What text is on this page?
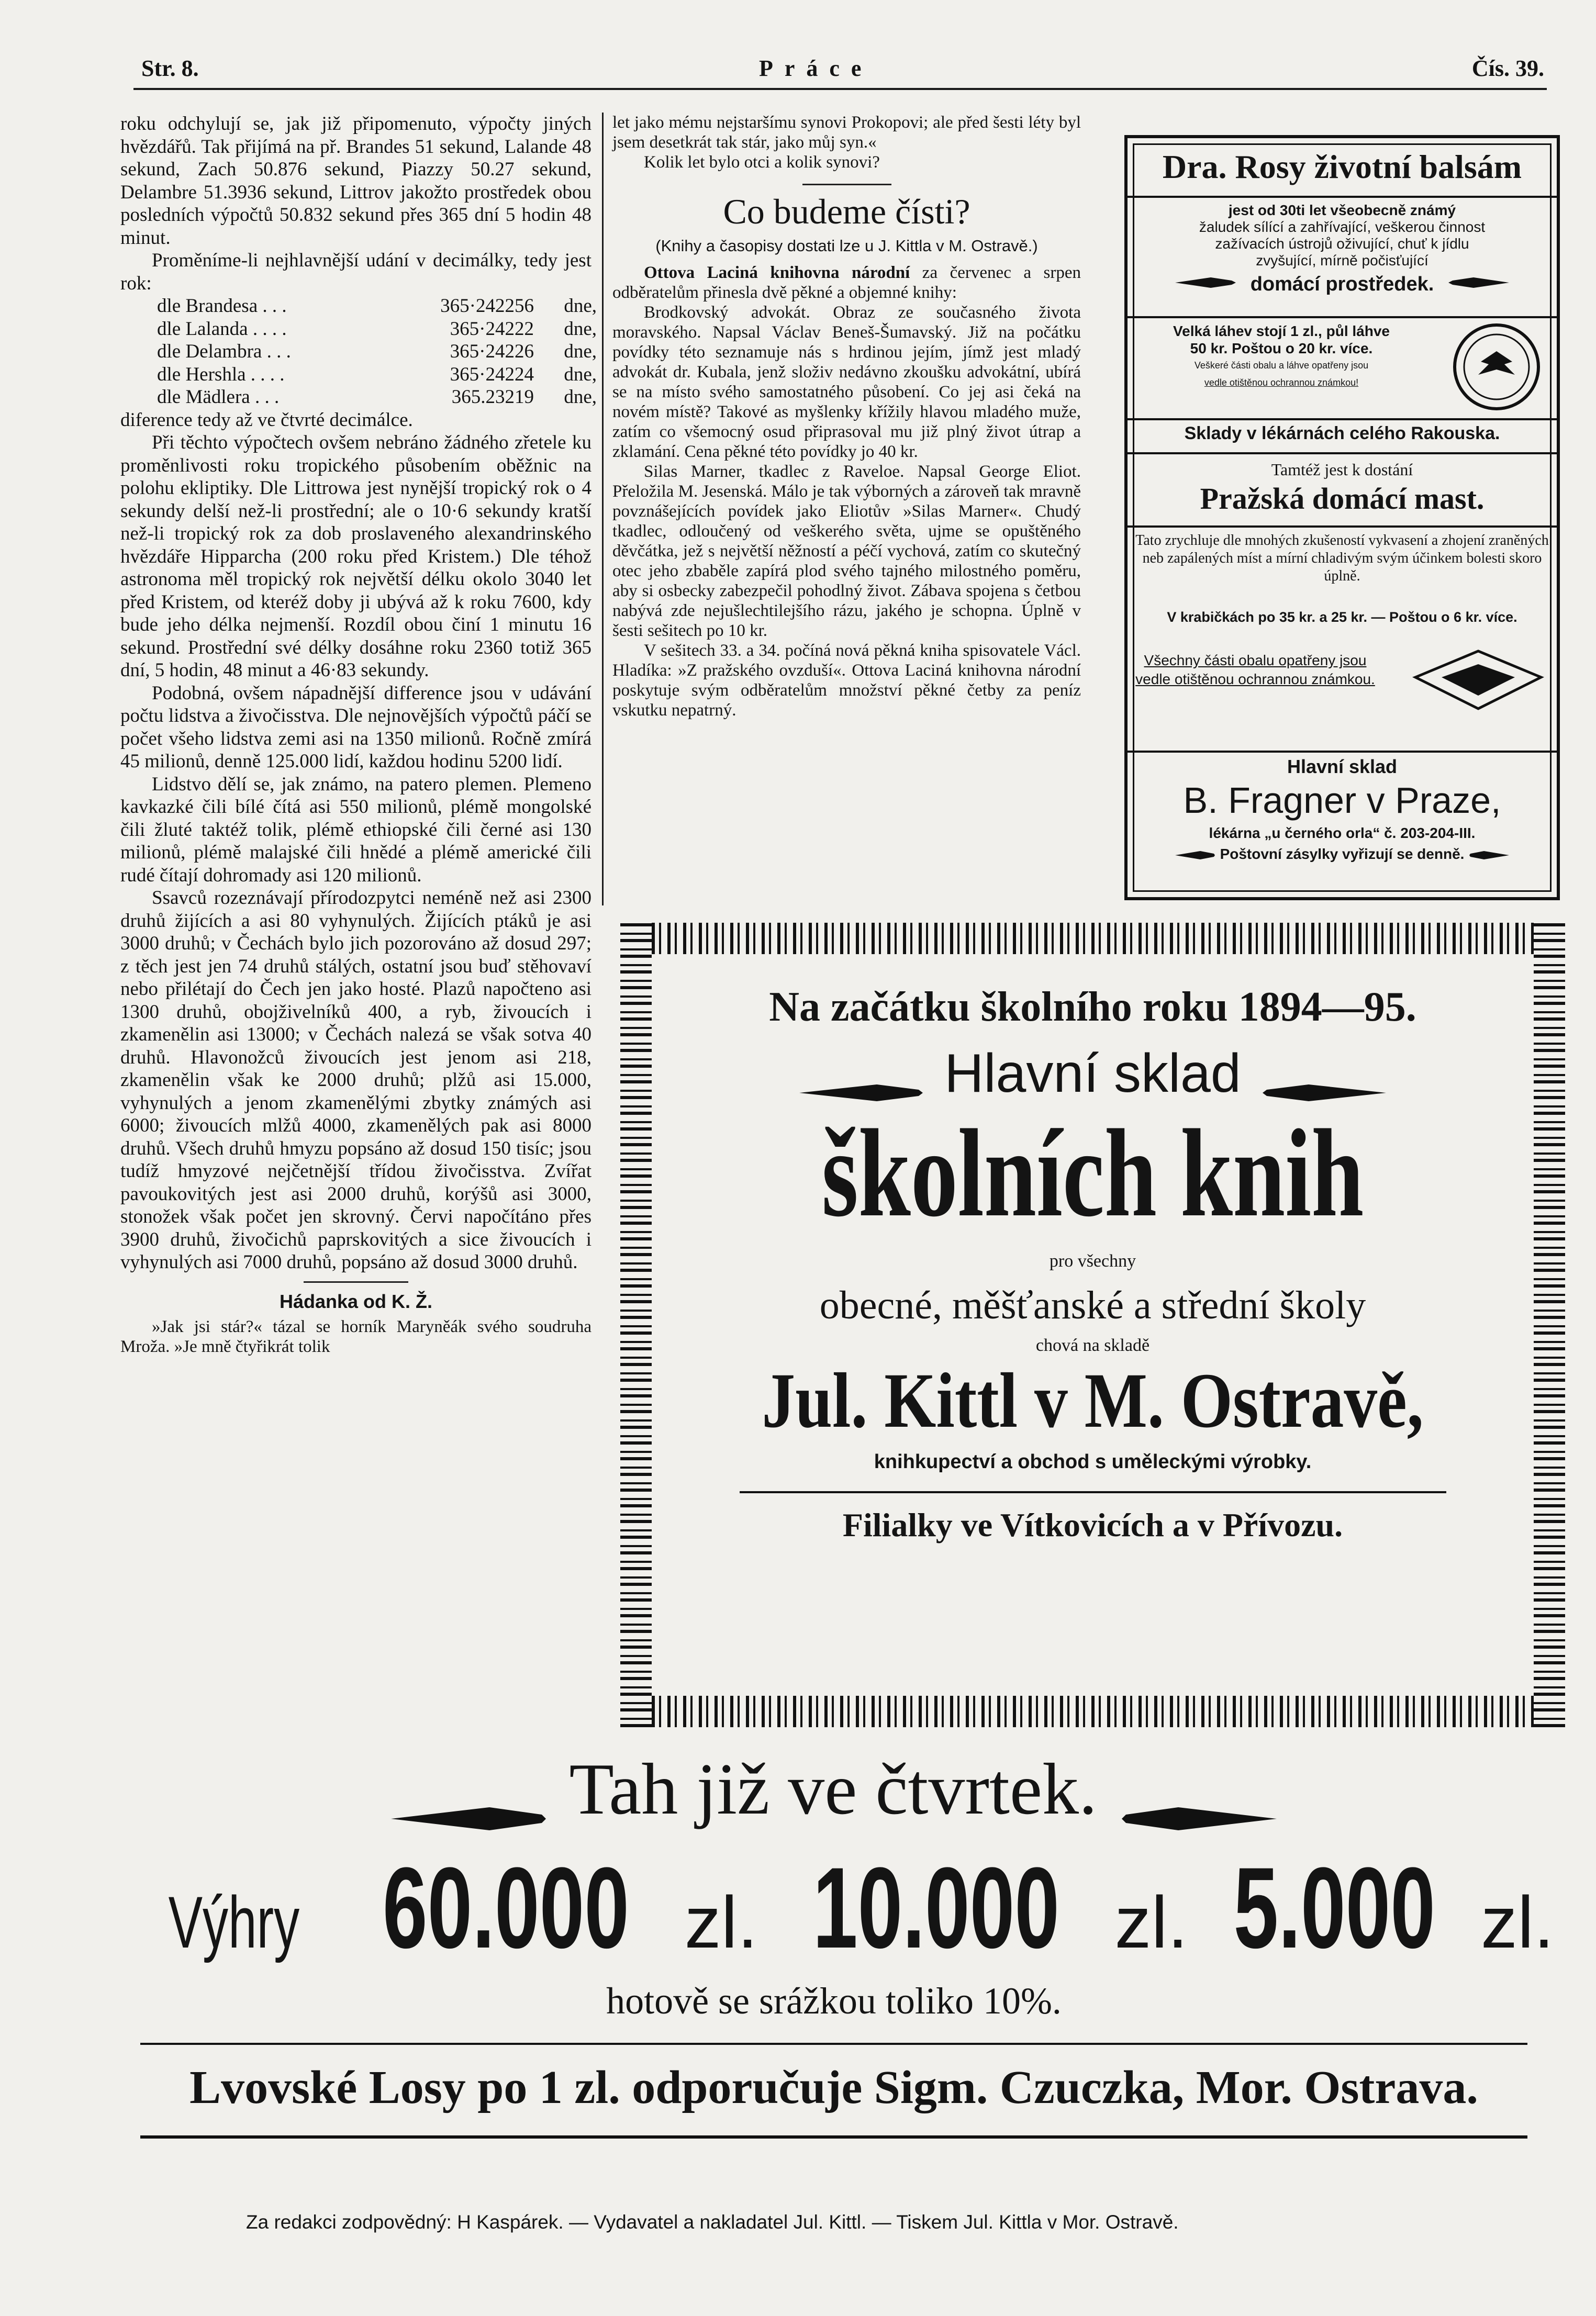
Str. 8.	Práce	Čís. 39.

roku odchylují se, jak již připomenuto, výpočty jiných hvězdářů. Tak přijímá na př. Brandes 51 sekund, Lalande 48 sekund, Zach 50.876 sekund, Piazzy 50.27 sekund, Delambre 51.3936 sekund, Littrov jakožto prostředek obou posledních výpočtů 50.832 sekund přes 365 dní 5 hodin 48 minut.

Proměníme-li nejhlavnější udání v decimálky, tedy jest rok:

dle Brandesa . . .	365·242256	dne,
dle Lalanda . . . .	365·24222	dne,
dle Delambra . . .	365·24226	dne,
dle Hershla . . . .	365·24224	dne,
dle Mädlera . . .	365.23219	dne,

diference tedy až ve čtvrté decimálce.

Při těchto výpočtech ovšem nebráno žádného zřetele ku proměnlivosti roku tropického působením oběžnic na polohu ekliptiky. Dle Littrowa jest nynější tropický rok o 4 sekundy delší než-li prostřední; ale o 10·6 sekundy kratší než-li tropický rok za dob proslaveného alexandrinského hvězdáře Hipparcha (200 roku před Kristem.) Dle téhož astronoma měl tropický rok největší délku okolo 3040 let před Kristem, od kteréž doby ji ubývá až k roku 7600, kdy bude jeho délka nejmenší. Rozdíl obou činí 1 minutu 16 sekund. Prostřední své délky dosáhne roku 2360 totiž 365 dní, 5 hodin, 48 minut a 46·83 sekundy.

Podobná, ovšem nápadnější difference jsou v udávání počtu lidstva a živočisstva. Dle nejnovějších výpočtů páčí se počet všeho lidstva zemi asi na 1350 milionů. Ročně zmírá 45 milionů, denně 125.000 lidí, každou hodinu 5200 lidí.

Lidstvo dělí se, jak známo, na patero plemen. Plemeno kavkazké čili bílé čítá asi 550 milionů, plémě mongolské čili žluté taktéž tolik, plémě ethiopské čili černé asi 130 milionů, plémě malajské čili hnědé a plémě americké čili rudé čítají dohromady asi 120 milionů.

Ssavců rozeznávají přírodozpytci neméně než asi 2300 druhů žijících a asi 80 vyhynulých. Žijících ptáků je asi 3000 druhů; v Čechách bylo jich pozorováno až dosud 297; z těch jest jen 74 druhů stálých, ostatní jsou buď stěhovaví nebo přilétají do Čech jen jako hosté. Plazů napočteno asi 1300 druhů, obojživelníků 400, a ryb, živoucích i zkamenělin asi 13000; v Čechách nalezá se však sotva 40 druhů. Hlavonožců živoucích jest jenom asi 218, zkamenělin však ke 2000 druhů; plžů asi 15.000, vyhynulých a jenom zkamenělými zbytky známých asi 6000; živoucích mlžů 4000, zkamenělých pak asi 8000 druhů. Všech druhů hmyzu popsáno až dosud 150 tisíc; jsou tudíž hmyzové nejčetnější třídou živočisstva. Zvířat pavoukovitých jest asi 2000 druhů, korýšů asi 3000, stonožek však počet jen skrovný. Červi napočítáno přes 3900 druhů, živočichů paprskovitých a sice živoucích i vyhynulých asi 7000 druhů, popsáno až dosud 3000 druhů.

Hádanka od K. Ž.

»Jak jsi stár?« tázal se horník Maryněák svého soudruha Mroža. »Je mně čtyřikrát tolik

let jako mému nejstaršímu synovi Prokopovi; ale před šesti léty byl jsem desetkrát tak stár, jako můj syn.«

Kolik let bylo otci a kolik synovi?

Co budeme čísti?
(Knihy a časopisy dostati lze u J. Kittla v M. Ostravě.)

Ottova Laciná knihovna národní za červenec a srpen odběratelům přinesla dvě pěkné a objemné knihy:

Brodkovský advokát. Obraz ze současného života moravského. Napsal Václav Beneš-Šumavský. Již na počátku povídky této seznamuje nás s hrdinou jejím, jímž jest mladý advokát dr. Kubala, jenž složiv nedávno zkoušku advokátní, ubírá se na místo svého samostatného působení. Co jej asi čeká na novém místě? Takové as myšlenky křížily hlavou mladého muže, zatím co všemocný osud připrasoval mu již plný život útrap a zklamání. Cena pěkné této povídky jo 40 kr.

Silas Marner, tkadlec z Raveloe. Napsal George Eliot. Přeložila M. Jesenská. Málo je tak výborných a zároveň tak mravně povznášejících povídek jako Eliotův »Silas Marner«. Chudý tkadlec, odloučený od veškerého světa, ujme se opuštěného děvčátka, jež s největší něžností a péčí vychová, zatím co skutečný otec jeho zbaběle zapírá plod svého tajného milostného poměru, aby si osbecky zabezpečil pohodlný život. Zábava spojena s četbou nabývá zde nejušlechtilejšího rázu, jakého je schopna. Úplně v šesti sešitech po 10 kr.

V sešitech 33. a 34. počíná nová pěkná kniha spisovatele Václ. Hladíka: »Z pražského ovzduší«. Ottova Laciná knihovna národní poskytuje svým odběratelům množství pěkné četby za peníz vskutku nepatrný.

Dra. Rosy životní balsám
jest od 30ti let všeobecně známý
žaludek sílící a zahřívající, veškerou činnost
zažívacích ústrojů oživující, chuť k jídlu
zvyšující, mírně počisťující
domácí prostředek.
Velká láhev stojí 1 zl., půl láhve
50 kr. Poštou o 20 kr. více.
Veškeré části obalu a láhve opatřeny jsou
vedle otištěnou ochrannou známkou!
Sklady v lékárnách celého Rakouska.
Tamtéž jest k dostání
Pražská domácí mast.
Tato zrychluje dle mnohých zkušeností vykvasení a zhojení zraněných neb zapálených míst a mírní chladivým svým účinkem bolesti skoro úplně.
V krabičkách po 35 kr. a 25 kr. — Poštou o 6 kr. více.
Všechny části obalu opatřeny jsou vedle otištěnou ochrannou známkou.
Hlavní sklad
B. Fragner v Praze,
lékárna „u černého orla“ č. 203-204-III.
Poštovní zásylky vyřizují se denně.
Na začátku školního roku 1894—95.
Hlavní sklad
školních knih
pro všechny
obecné, měšťanské a střední školy
chová na skladě
Jul. Kittl v M. Ostravě,
knihkupectví a obchod s uměleckými výrobky.
Filialky ve Vítkovicích a v Přívozu.
Tah již ve čtvrtek.
Výhry 60.000 zl. 10.000 zl. 5.000 zl.
hotově se srážkou toliko 10%.
Lvovské Losy po 1 zl. odporučuje Sigm. Czuczka, Mor. Ostrava.
Za redakci zodpovědný: H Kaspárek. — Vydavatel a nakladatel Jul. Kittl. — Tiskem Jul. Kittla v Mor. Ostravě.
